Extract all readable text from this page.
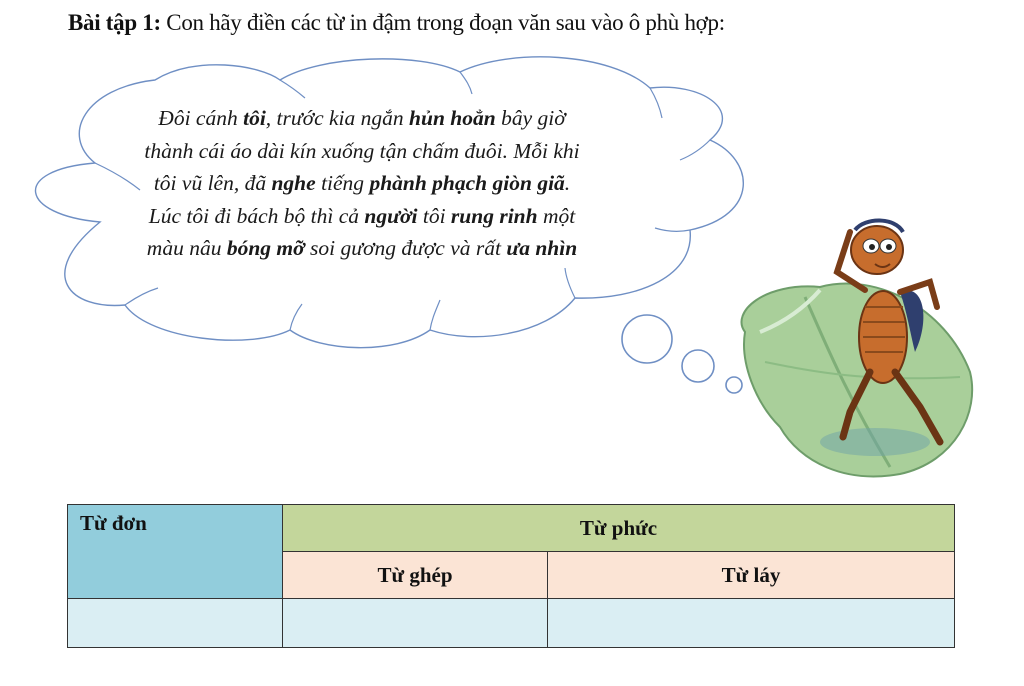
Bài tập 1: Con hãy điền các từ in đậm trong đoạn văn sau vào ô phù hợp:
Đôi cánh tôi, trước kia ngắn hủn hoẳn bây giờ thành cái áo dài kín xuống tận chấm đuôi. Mỗi khi tôi vũ lên, đã nghe tiếng phành phạch giòn giã. Lúc tôi đi bách bộ thì cả người tôi rung rinh một màu nâu bóng mỡ soi gương được và rất ưa nhìn
Từ đơn	Từ phức	
	Từ ghép	Từ láy
